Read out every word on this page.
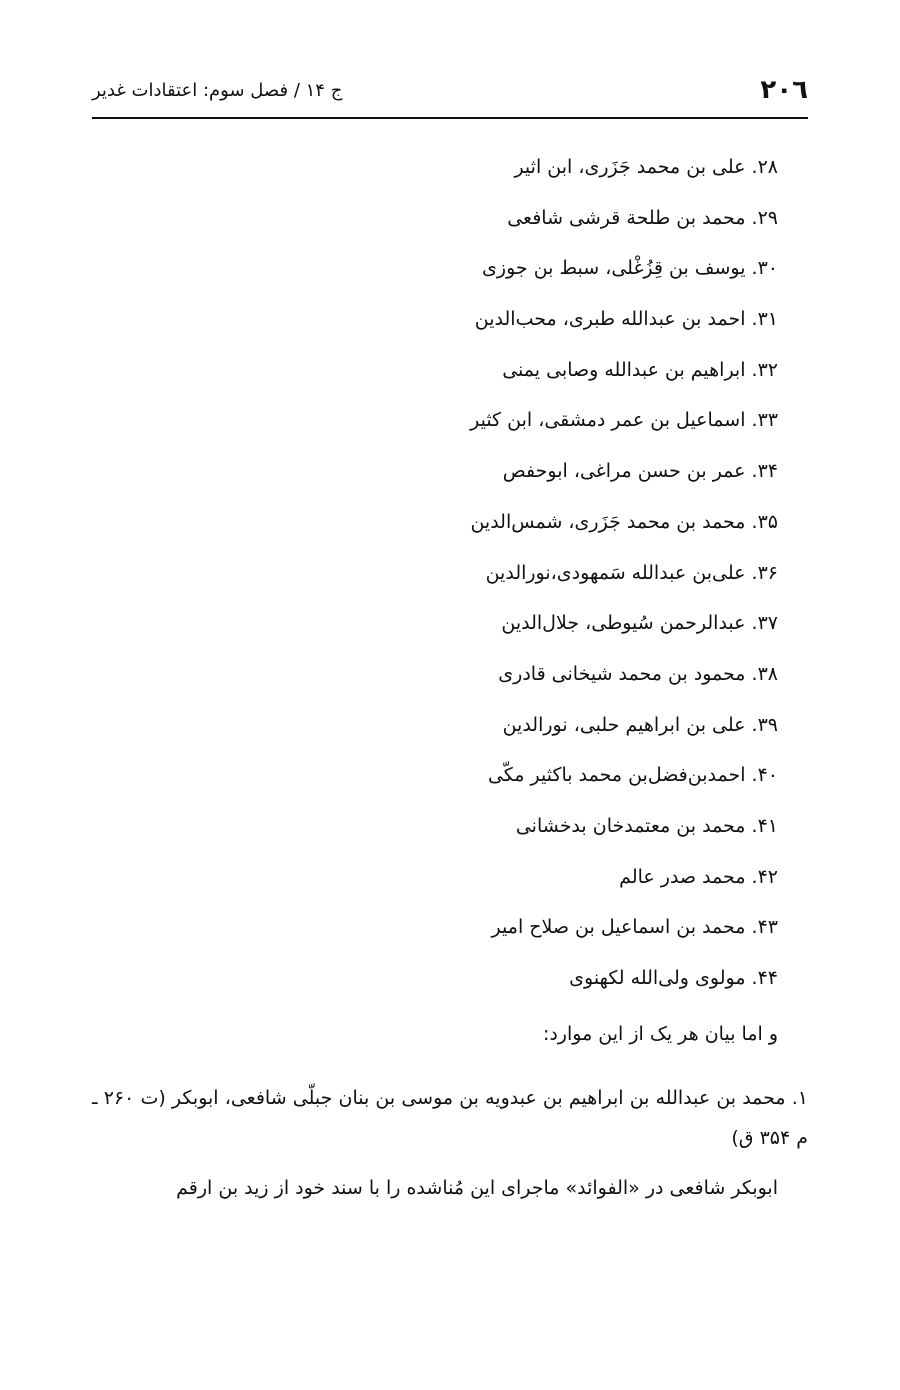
۲۰٦
ج ۱۴ / فصل سوم: اعتقادات غدیر
۲۸. علی بن محمد جَزَری، ابن اثیر
۲۹. محمد بن طلحة قرشی شافعی
۳۰. یوسف بن قِزُغْلی، سبط بن جوزی
۳۱. احمد بن عبدالله طبری، محب‌الدین
۳۲. ابراهیم بن عبدالله وصابی یمنی
۳۳. اسماعیل بن عمر دمشقی، ابن کثیر
۳۴. عمر بن حسن مراغی، ابوحفص
۳۵. محمد بن محمد جَزَری، شمس‌الدین
۳۶. علی‌بن عبدالله سَمهودی،نورالدین
۳۷. عبدالرحمن سُیوطی، جلال‌الدین
۳۸. محمود بن محمد شیخانی قادری
۳۹. علی بن ابراهیم حلبی، نورالدین
۴۰. احمدبن‌فضل‌بن محمد باکثیر مکّی
۴۱. محمد بن معتمدخان بدخشانی
۴۲. محمد صدر عالم
۴۳. محمد بن اسماعیل بن صلاح امیر
۴۴. مولوی ولی‌الله لکهنوی
و اما بیان هر یک از این موارد:
۱. محمد بن عبدالله بن ابراهیم بن عبدویه بن موسی بن بنان جبلّی شافعی، ابوبکر (ت ۲۶۰ ـ م ۳۵۴ ق)
ابوبکر شافعی در «الفوائد» ماجرای این مُناشده را با سند خود از زید بن ارقم
